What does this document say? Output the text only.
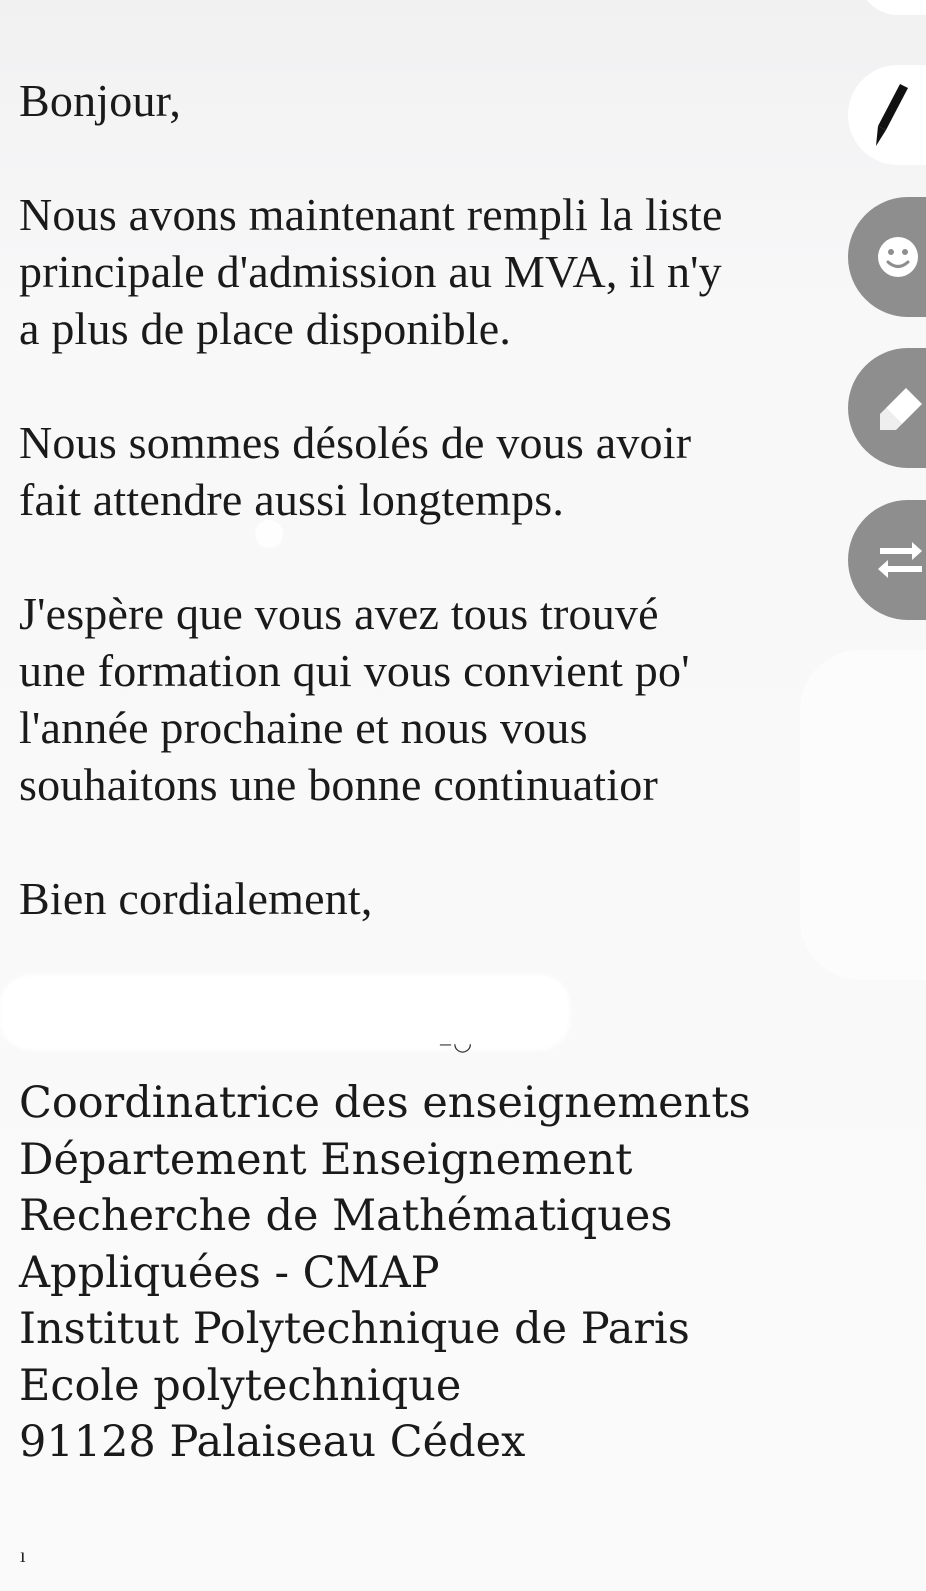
Bonjour,

Nous avons maintenant rempli la liste

principale d'admission au MVA, il n'y

a plus de place disponible.

Nous sommes désolés de vous avoir

fait attendre aussi longtemps.

J'espère que vous avez tous trouvé

une formation qui vous convient po'

l'année prochaine et nous vous

souhaitons une bonne continuatior

Bien cordialement,

–◡

Coordinatrice des enseignements

Département Enseignement

Recherche de Mathématiques

Appliquées - CMAP

Institut Polytechnique de Paris

Ecole polytechnique

91128 Palaiseau Cédex

ı
